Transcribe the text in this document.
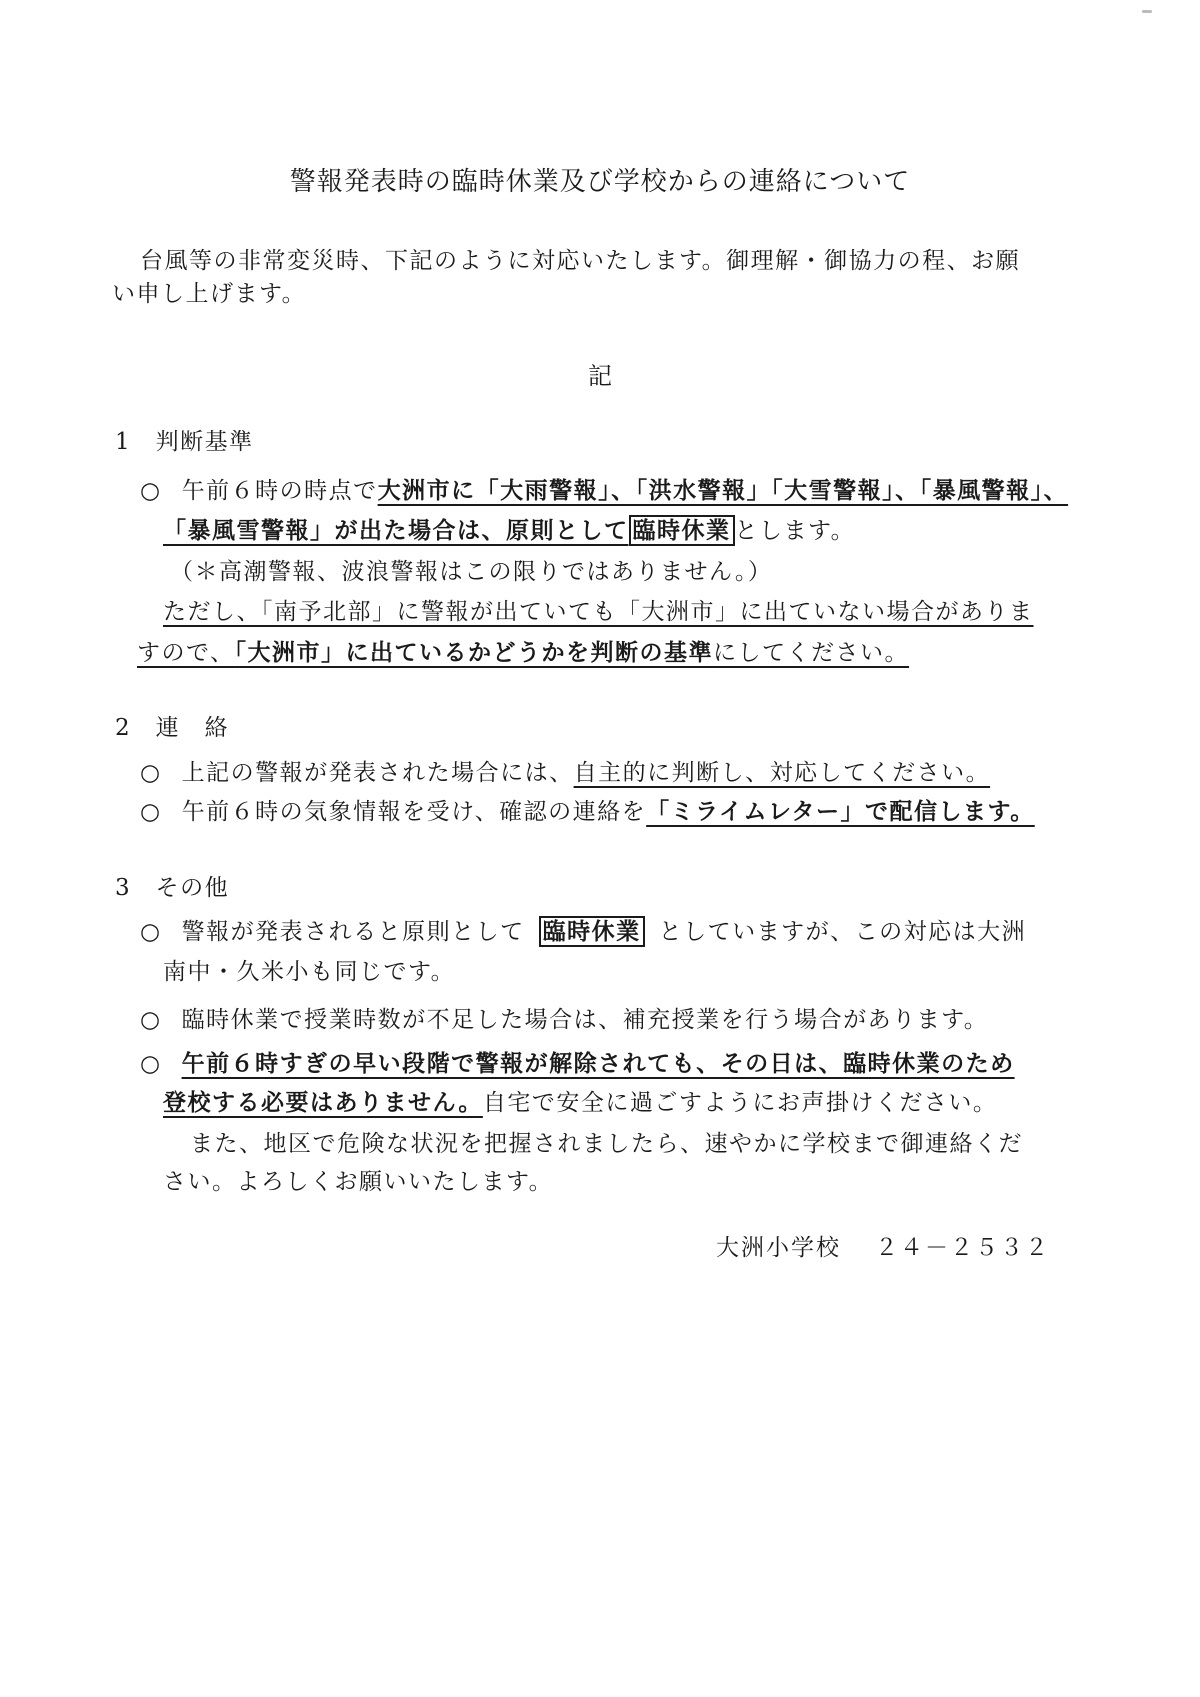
警報発表時の臨時休業及び学校からの連絡について
台風等の非常変災時、下記のように対応いたします。御理解・御協力の程、お願
い申し上げます。
記
1　判断基準
○ 午前６時の時点で大洲市に「大雨警報」、「洪水警報」「大雪警報」、「暴風警報」、
「暴風雪警報」が出た場合は、原則として 臨時休業 とします。
（＊高潮警報、波浪警報はこの限りではありません。）
ただし、「南予北部」に警報が出ていても「大洲市」に出ていない場合がありま
すので、「大洲市」に出ているかどうかを判断の基準にしてください。
2　連　絡
○ 上記の警報が発表された場合には、自主的に判断し、対応してください。
○ 午前６時の気象情報を受け、確認の連絡を「ミライムレター」で配信します。
3　その他
○ 警報が発表されると原則として 臨時休業 としていますが、この対応は大洲
南中・久米小も同じです。
○ 臨時休業で授業時数が不足した場合は、補充授業を行う場合があります。
○ 午前６時すぎの早い段階で警報が解除されても、その日は、臨時休業のため
登校する必要はありません。自宅で安全に過ごすようにお声掛けください。
また、地区で危険な状況を把握されましたら、速やかに学校まで御連絡くだ
さい。よろしくお願いいたします。
大洲小学校 ２４－２５３２
